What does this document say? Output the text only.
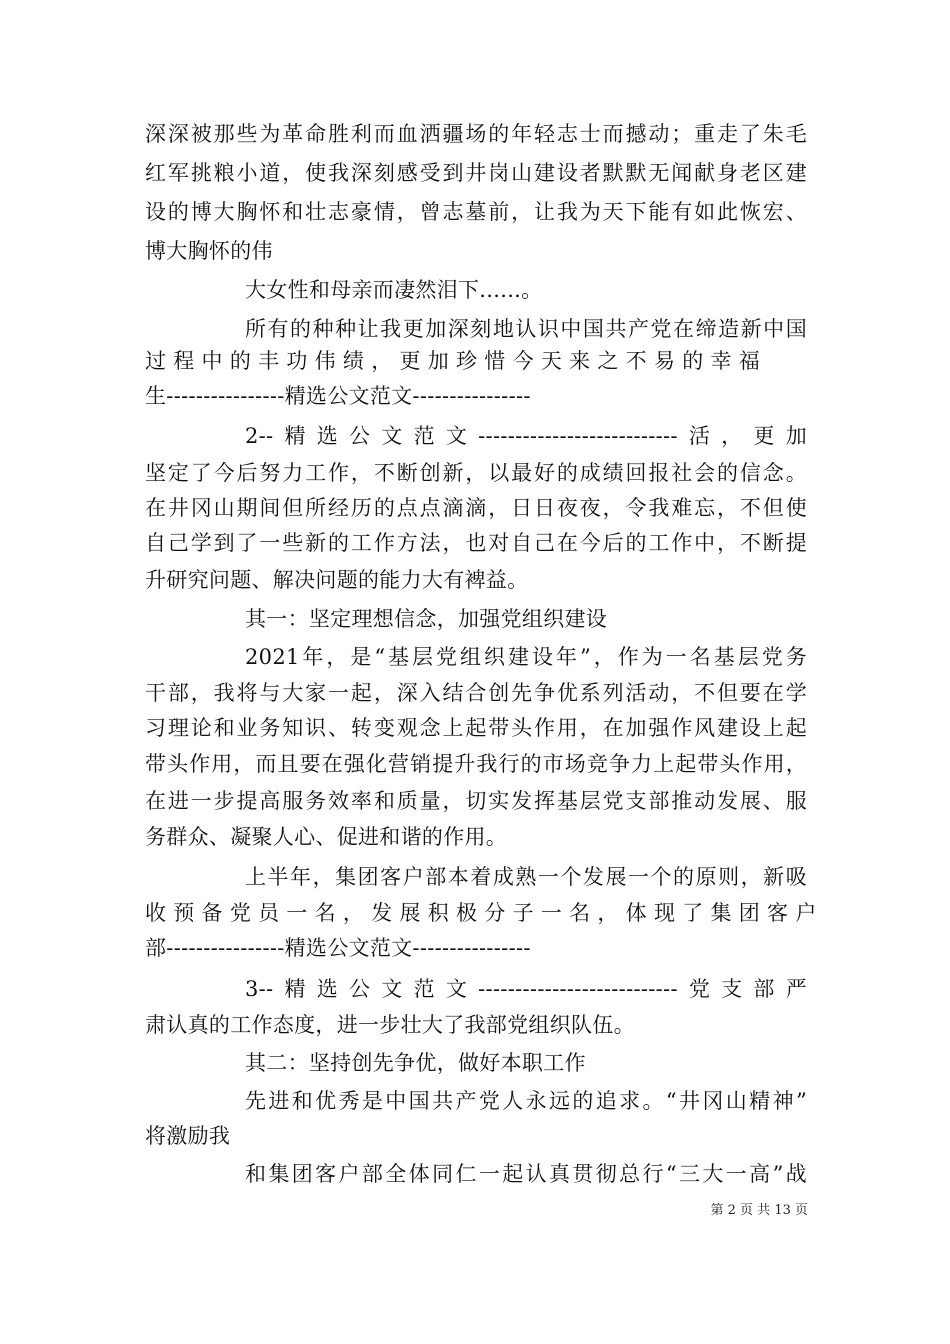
深深被那些为革命胜利而血洒疆场的年轻志士而撼动；重走了朱毛
红军挑粮小道，使我深刻感受到井岗山建设者默默无闻献身老区建
设的博大胸怀和壮志豪情，曾志墓前，让我为天下能有如此恢宏、
博大胸怀的伟
大女性和母亲而凄然泪下......。
所有的种种让我更加深刻地认识中国共产党在缔造新中国
过 程 中 的 丰 功 伟 绩 ， 更 加 珍 惜 今 天 来 之 不 易 的 幸 福
生----------------精选公文范文----------------
2--精选公文范文---------------------------活，更加
坚定了今后努力工作，不断创新，以最好的成绩回报社会的信念。
在井冈山期间但所经历的点点滴滴，日日夜夜，令我难忘，不但使
自己学到了一些新的工作方法，也对自己在今后的工作中，不断提
升研究问题、解决问题的能力大有裨益。
其一：坚定理想信念，加强党组织建设
2021年，是“基层党组织建设年”，作为一名基层党务
干部，我将与大家一起，深入结合创先争优系列活动，不但要在学
习理论和业务知识、转变观念上起带头作用，在加强作风建设上起
带头作用，而且要在强化营销提升我行的市场竞争力上起带头作用，
在进一步提高服务效率和质量，切实发挥基层党支部推动发展、服
务群众、凝聚人心、促进和谐的作用。
上半年，集团客户部本着成熟一个发展一个的原则，新吸
收 预 备 党 员 一 名 ， 发 展 积 极 分 子 一 名 ， 体 现 了 集 团 客 户
部----------------精选公文范文----------------
3--精选公文范文---------------------------党支部严
肃认真的工作态度，进一步壮大了我部党组织队伍。
其二：坚持创先争优，做好本职工作
先进和优秀是中国共产党人永远的追求。“井冈山精神”
将激励我
和集团客户部全体同仁一起认真贯彻总行“三大一高”战
第 2 页 共 13 页
